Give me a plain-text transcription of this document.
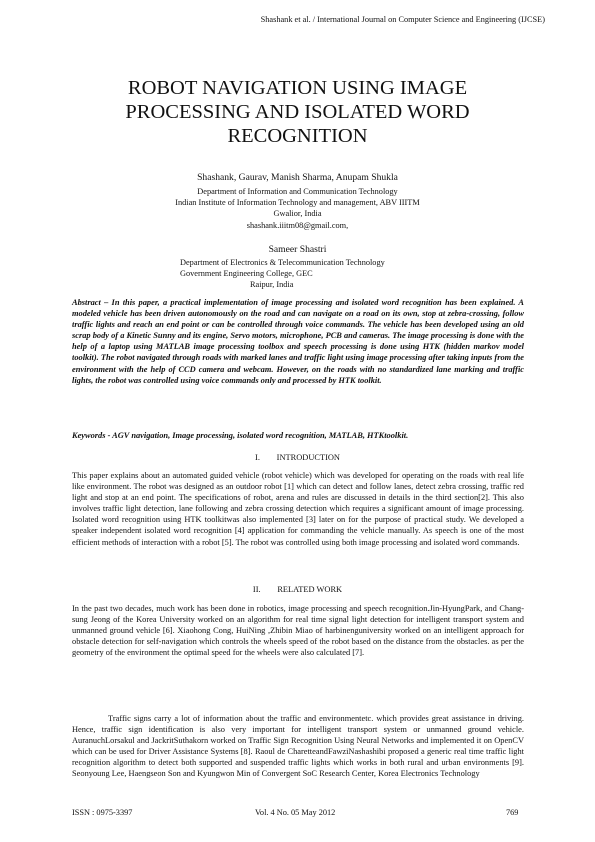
Shashank et al. / International Journal on Computer Science and Engineering (IJCSE)
ROBOT NAVIGATION USING IMAGE
PROCESSING AND ISOLATED WORD
RECOGNITION
Shashank, Gaurav, Manish Sharma, Anupam Shukla
Department of Information and Communication Technology
Indian Institute of Information Technology and management, ABV IIITM
Gwalior, India
shashank.iiitm08@gmail.com,
Sameer Shastri
Department of Electronics & Telecommunication Technology
Government Engineering College, GEC
Raipur, India

Abstract – In this paper, a practical implementation of image processing and isolated word recognition has been explained. A modeled vehicle has been driven autonomously on the road and can navigate on a road on its own, stop at zebra-crossing, follow traffic lights and reach an end point or can be controlled through voice commands. The vehicle has been developed using an old scrap body of a Kinetic Sunny and its engine, Servo motors, microphone, PCB and cameras. The image processing is done with the help of a laptop using MATLAB image processing toolbox and speech processing is done using HTK (hidden markov model toolkit). The robot navigated through roads with marked lanes and traffic light using image processing after taking inputs from the environment with the help of CCD camera and webcam. However, on the roads with no standardized lane marking and traffic lights, the robot was controlled using voice commands only and processed by HTK toolkit.

Keywords - AGV navigation, Image processing, isolated word recognition, MATLAB, HTKtoolkit.

I.        INTRODUCTION

This paper explains about an automated guided vehicle (robot vehicle) which was developed for operating on the roads with real life like environment. The robot was designed as an outdoor robot [1] which can detect and follow lanes, detect zebra crossing, traffic red light and stop at an end point. The specifications of robot, arena and rules are discussed in details in the third section[2]. This also involves traffic light detection, lane following and zebra crossing detection which requires a significant amount of image processing. Isolated word recognition using HTK toolkitwas also implemented [3] later on for the purpose of practical study. We developed a speaker independent isolated word recognition [4] application for commanding the vehicle manually. As speech is one of the most efficient methods of interaction with a robot [5]. The robot was controlled using both image processing and isolated word commands.

II.        RELATED WORK

In the past two decades, much work has been done in robotics, image processing and speech recognition.Jin-HyungPark, and Chang-sung Jeong of the Korea University worked on an algorithm for real time signal light detection for intelligent transport system and unmanned ground vehicle [6]. Xiaohong Cong, HuiNing ,Zhibin Miao of harbinenguniversity worked on an intelligent approach for obstacle detection for self-navigation which controls the wheels speed of the robot based on the distance from the obstacles. as per the geometry of the environment the optimal speed for the wheels were also calculated [7].

Traffic signs carry a lot of information about the traffic and environmentetc. which provides great assistance in driving. Hence, traffic sign identification is also very important for intelligent transport system or unmanned ground vehicle. AuranuchLorsakul and JackritSuthakorn worked on Traffic Sign Recognition Using Neural Networks and implemented it on OpenCV which can be used for Driver Assistance Systems [8]. Raoul de CharetteandFawziNashashibi proposed a generic real time traffic light recognition algorithm to detect both supported and suspended traffic lights which works in both rural and urban environments [9]. Seonyoung Lee, Haengseon Son and Kyungwon Min of Convergent SoC Research Center, Korea Electronics Technology

ISSN : 0975-3397	Vol. 4 No. 05 May 2012	769
